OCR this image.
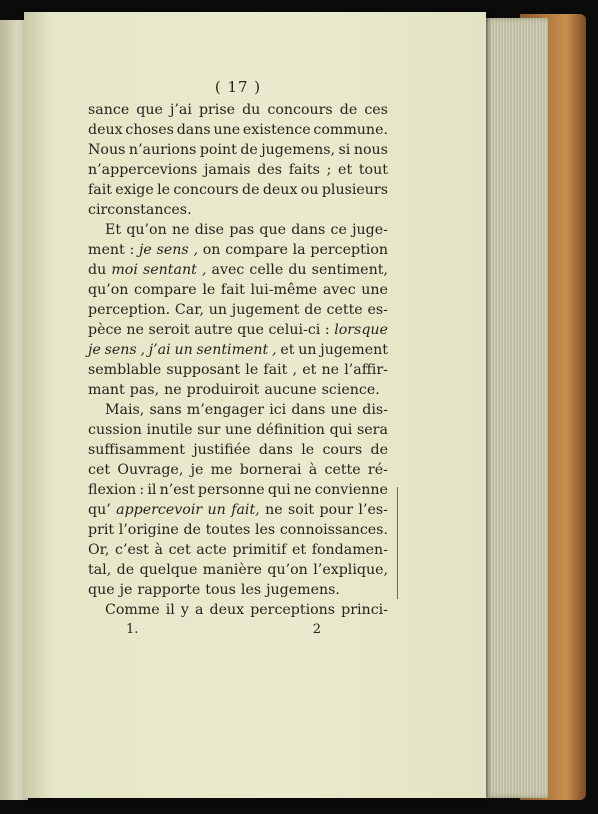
( 17 )
sance que j’ai prise du concours de ces
deux choses dans une existence commune.
Nous n’aurions point de jugemens, si nous
n’appercevions jamais des faits ; et tout
fait exige le concours de deux ou plusieurs
circonstances.
Et qu’on ne dise pas que dans ce juge-
ment : je sens , on compare la perception
du moi sentant , avec celle du sentiment,
qu’on compare le fait lui-même avec une
perception. Car, un jugement de cette es-
pèce ne seroit autre que celui-ci : lorsque
je sens , j’ai un sentiment , et un jugement
semblable supposant le fait , et ne l’affir-
mant pas, ne produiroit aucune science.
Mais, sans m’engager ici dans une dis-
cussion inutile sur une définition qui sera
suffisamment justifiée dans le cours de
cet Ouvrage, je me bornerai à cette ré-
flexion : il n’est personne qui ne convienne
qu’ appercevoir un fait, ne soit pour l’es-
prit l’origine de toutes les connoissances.
Or, c’est à cet acte primitif et fondamen-
tal, de quelque manière qu’on l’explique,
que je rapporte tous les jugemens.
Comme il y a deux perceptions princi-
1.	2
